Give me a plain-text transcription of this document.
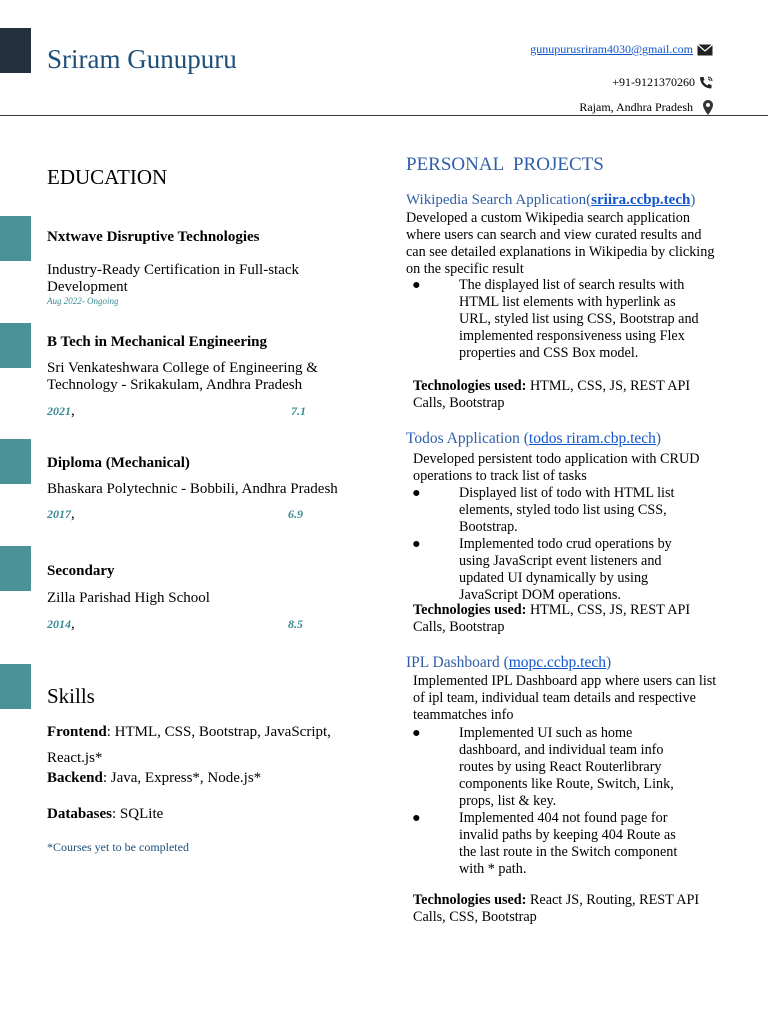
Sriram Gunupuru	gunupurusriram4030@gmail.com
+91-9121370260
Rajam, Andhra Pradesh
EDUCATION
Nxtwave Disruptive Technologies
Industry-Ready Certification in Full-stack Development
Aug 2022- Ongoing
B Tech in Mechanical Engineering
Sri Venkateshwara College of Engineering & Technology - Srikakulam, Andhra Pradesh
2021,	7.1
Diploma (Mechanical)
Bhaskara Polytechnic - Bobbili, Andhra Pradesh
2017,	6.9
Secondary
Zilla Parishad High School
2014,	8.5
Skills
Frontend: HTML, CSS, Bootstrap, JavaScript, React.js*
Backend: Java, Express*, Node.js*
Databases: SQLite
*Courses yet to be completed
PERSONAL  PROJECTS
Wikipedia Search Application(sriira.ccbp.tech)
Developed a custom Wikipedia search application where users can search and view curated results and can see detailed explanations in Wikipedia by clicking on the specific result
●	The displayed list of search results with HTML list elements with hyperlink as URL, styled list using CSS, Bootstrap and implemented responsiveness using Flex properties and CSS Box model.
Technologies used: HTML, CSS, JS, REST API Calls, Bootstrap
Todos Application (todos riram.cbp.tech)
Developed persistent todo application with CRUD operations to track list of tasks
●	Displayed list of todo with HTML list elements, styled todo list using CSS, Bootstrap.
●	Implemented todo crud operations by using JavaScript event listeners and updated UI dynamically by using JavaScript DOM operations.
Technologies used: HTML, CSS, JS, REST API Calls, Bootstrap
IPL Dashboard (mopc.ccbp.tech)
Implemented IPL Dashboard app where users can list of ipl team, individual team details and respective teammatches info
●	Implemented UI such as home dashboard, and individual team info routes by using React Routerlibrary components like Route, Switch, Link, props, list & key.
●	Implemented 404 not found page for invalid paths by keeping 404 Route as the last route in the Switch component with * path.
Technologies used: React JS, Routing, REST API Calls, CSS, Bootstrap
